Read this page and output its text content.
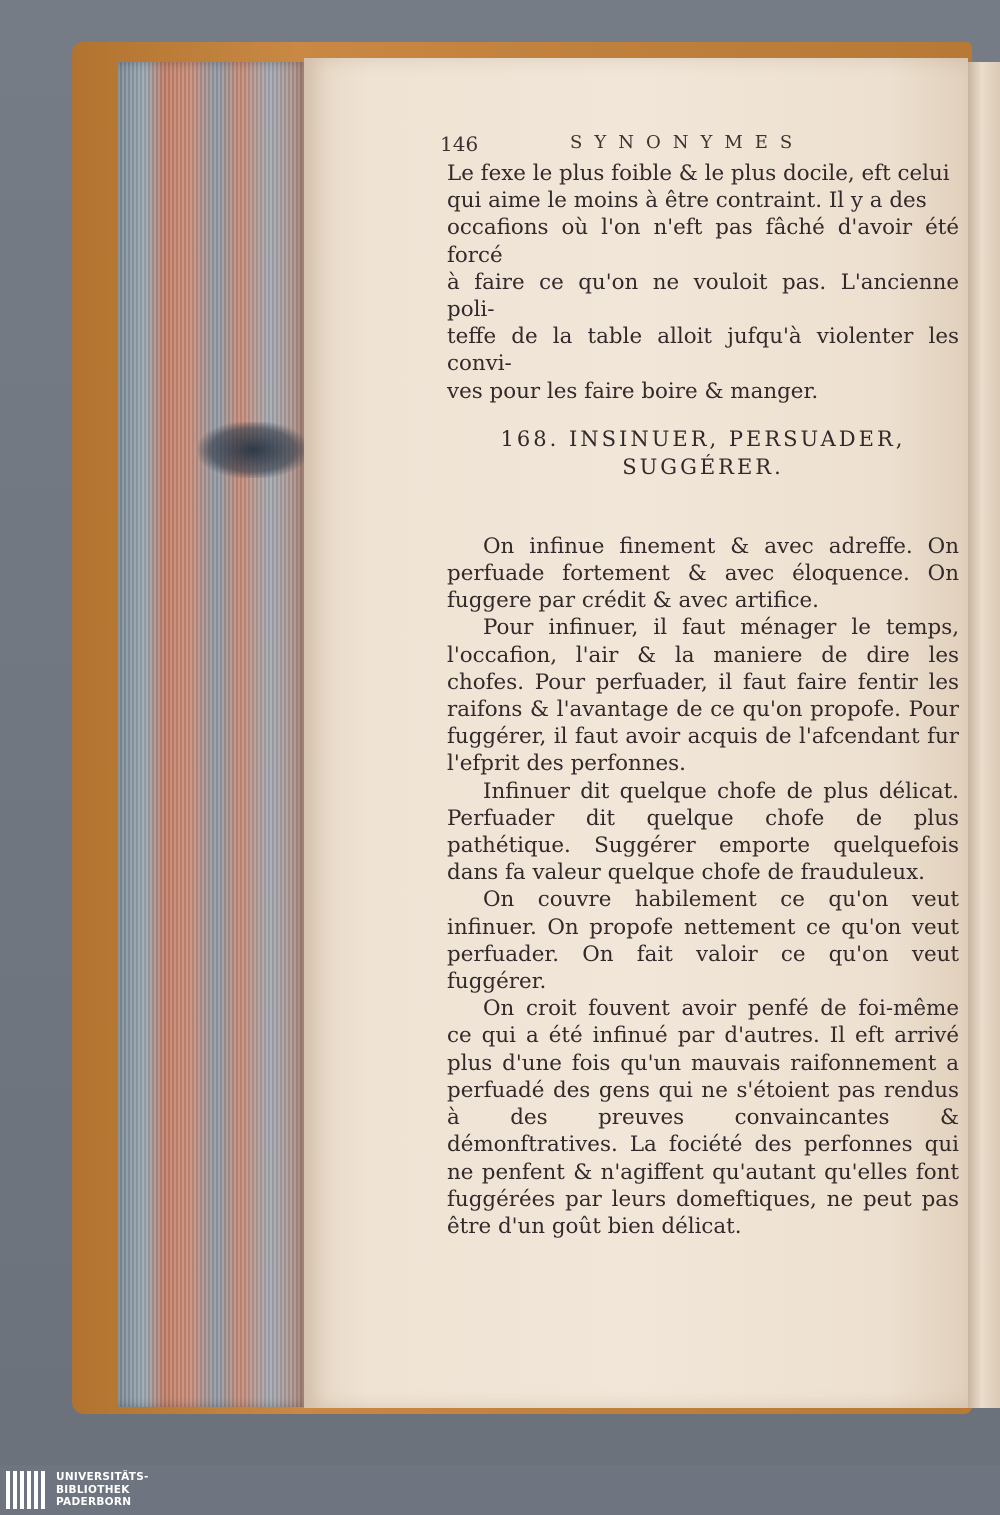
146	SYNONYMES

Le fexe le plus foible & le plus docile, eft celui

qui aime le moins à être contraint. Il y a des

occafions où l'on n'eft pas fâché d'avoir été forcé

à faire ce qu'on ne vouloit pas. L'ancienne poli-

teffe de la table alloit jufqu'à violenter les convi-

ves pour les faire boire & manger.

168. INSINUER, PERSUADER,
SUGGÉRER.

On infinue finement & avec adreffe. On perfuade fortement & avec éloquence. On fuggere par crédit & avec artifice.

Pour infinuer, il faut ménager le temps, l'occafion, l'air & la maniere de dire les chofes. Pour perfuader, il faut faire fentir les raifons & l'avantage de ce qu'on propofe. Pour fuggérer, il faut avoir acquis de l'afcendant fur l'efprit des perfonnes.

Infinuer dit quelque chofe de plus délicat. Perfuader dit quelque chofe de plus pathétique. Suggérer emporte quelquefois dans fa valeur quelque chofe de frauduleux.

On couvre habilement ce qu'on veut infinuer. On propofe nettement ce qu'on veut perfuader. On fait valoir ce qu'on veut fuggérer.

On croit fouvent avoir penfé de foi-même ce qui a été infinué par d'autres. Il eft arrivé plus d'une fois qu'un mauvais raifonnement a perfuadé des gens qui ne s'étoient pas rendus à des preuves convaincantes & démonftratives. La fociété des perfonnes qui ne penfent & n'agiffent qu'autant qu'elles font fuggérées par leurs domeftiques, ne peut pas être d'un goût bien délicat.

UNIVERSITÄTS-
BIBLIOTHEK
PADERBORN
